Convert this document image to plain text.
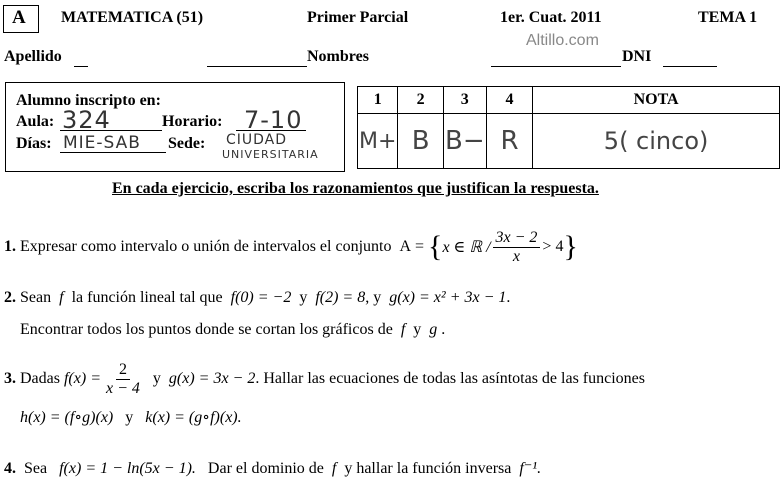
A MATEMATICA (51)	Primer Parcial	1er. Cuat. 2011	TEMA 1
Altillo.com
Apellido	Nombres	DNI
Alumno inscripto en:
Aula: 324	Horario: 7-10
Días: MIE-SAB Sede: CIUDAD
UNIVERSITARIA
1	2	3	4	NOTA
M+	B	B−	R	5( cinco)
En cada ejercicio, escriba los razonamientos que justifican la respuesta.
1.
Expresar como intervalo o unión de intervalos el conjunto
A = { x ∈ ℝ / $\frac{3x - 2}{x} > 4$ }
2. Sean f la función lineal tal que f(0) = −2 y f(2) = 8, y g(x) = x² + 3x − 1.
Encontrar todos los puntos donde se cortan los gráficos de f y g .
3.
Dadas
$f(x) = \frac{2}{x - 4}$
y
g(x) = 3x − 2 . Hallar las ecuaciones de todas las asíntotas de las funciones
h(x) = (f∘g)(x) y k(x) = (g∘f)(x).
4. Sea f(x) = 1 − ln(5x − 1). Dar el dominio de f y hallar la función inversa f⁻¹.
